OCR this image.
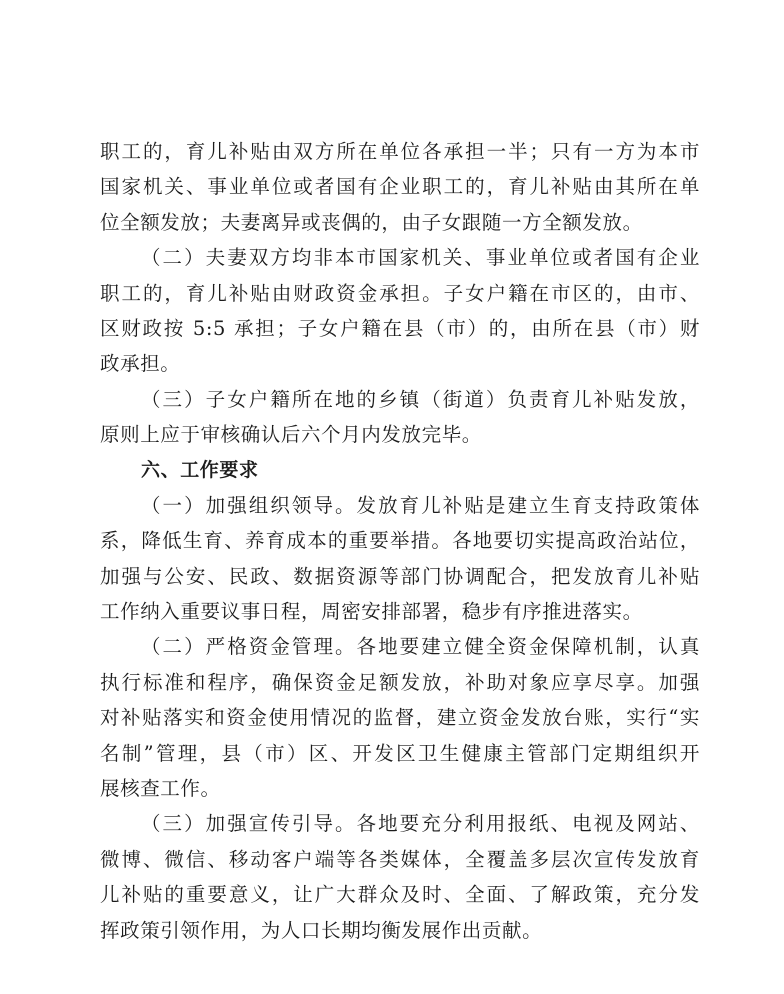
职工的，育儿补贴由双方所在单位各承担一半；只有一方为本市
国家机关、事业单位或者国有企业职工的，育儿补贴由其所在单
位全额发放；夫妻离异或丧偶的，由子女跟随一方全额发放。
（二）夫妻双方均非本市国家机关、事业单位或者国有企业
职工的，育儿补贴由财政资金承担。子女户籍在市区的，由市、
区财政按 5:5 承担；子女户籍在县（市）的，由所在县（市）财
政承担。
（三）子女户籍所在地的乡镇（街道）负责育儿补贴发放，
原则上应于审核确认后六个月内发放完毕。
六、工作要求
（一）加强组织领导。发放育儿补贴是建立生育支持政策体
系，降低生育、养育成本的重要举措。各地要切实提高政治站位，
加强与公安、民政、数据资源等部门协调配合，把发放育儿补贴
工作纳入重要议事日程，周密安排部署，稳步有序推进落实。
（二）严格资金管理。各地要建立健全资金保障机制，认真
执行标准和程序，确保资金足额发放，补助对象应享尽享。加强
对补贴落实和资金使用情况的监督，建立资金发放台账，实行“实
名制”管理，县（市）区、开发区卫生健康主管部门定期组织开
展核查工作。
（三）加强宣传引导。各地要充分利用报纸、电视及网站、
微博、微信、移动客户端等各类媒体，全覆盖多层次宣传发放育
儿补贴的重要意义，让广大群众及时、全面、了解政策，充分发
挥政策引领作用，为人口长期均衡发展作出贡献。
